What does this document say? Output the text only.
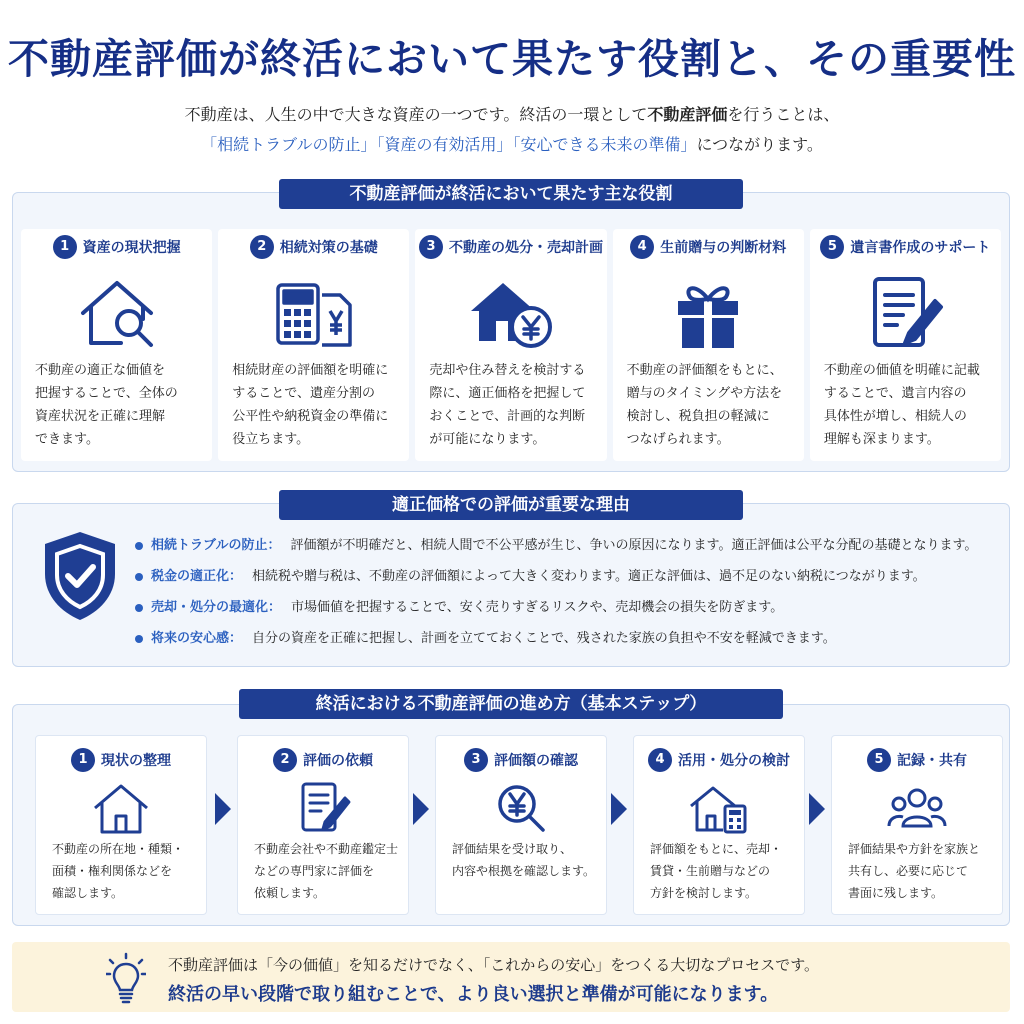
不動産評価が終活において果たす役割と、その重要性
不動産は、人生の中で大きな資産の一つです。終活の一環として不動産評価を行うことは、
「相続トラブルの防止」「資産の有効活用」「安心できる未来の準備」につながります。
不動産評価が終活において果たす主な役割
1 資産の現状把握
不動産の適正な価値を
把握することで、全体の
資産状況を正確に理解
できます。
2 相続対策の基礎
相続財産の評価額を明確に
することで、遺産分割の
公平性や納税資金の準備に
役立ちます。
3 不動産の処分・売却計画
売却や住み替えを検討する
際に、適正価格を把握して
おくことで、計画的な判断
が可能になります。
4 生前贈与の判断材料
不動産の評価額をもとに、
贈与のタイミングや方法を
検討し、税負担の軽減に
つなげられます。
5 遺言書作成のサポート
不動産の価値を明確に記載
することで、遺言内容の
具体性が増し、相続人の
理解も深まります。
適正価格での評価が重要な理由
相続トラブルの防止： 評価額が不明確だと、相続人間で不公平感が生じ、争いの原因になります。適正評価は公平な分配の基礎となります。
税金の適正化： 相続税や贈与税は、不動産の評価額によって大きく変わります。適正な評価は、過不足のない納税につながります。
売却・処分の最適化： 市場価値を把握することで、安く売りすぎるリスクや、売却機会の損失を防ぎます。
将来の安心感： 自分の資産を正確に把握し、計画を立てておくことで、残された家族の負担や不安を軽減できます。
終活における不動産評価の進め方（基本ステップ）
1 現状の整理
不動産の所在地・種類・
面積・権利関係などを
確認します。
2 評価の依頼
不動産会社や不動産鑑定士
などの専門家に評価を
依頼します。
3 評価額の確認
評価結果を受け取り、
内容や根拠を確認します。
4 活用・処分の検討
評価額をもとに、売却・
賃貸・生前贈与などの
方針を検討します。
5 記録・共有
評価結果や方針を家族と
共有し、必要に応じて
書面に残します。
不動産評価は「今の価値」を知るだけでなく、「これからの安心」をつくる大切なプロセスです。
終活の早い段階で取り組むことで、より良い選択と準備が可能になります。
